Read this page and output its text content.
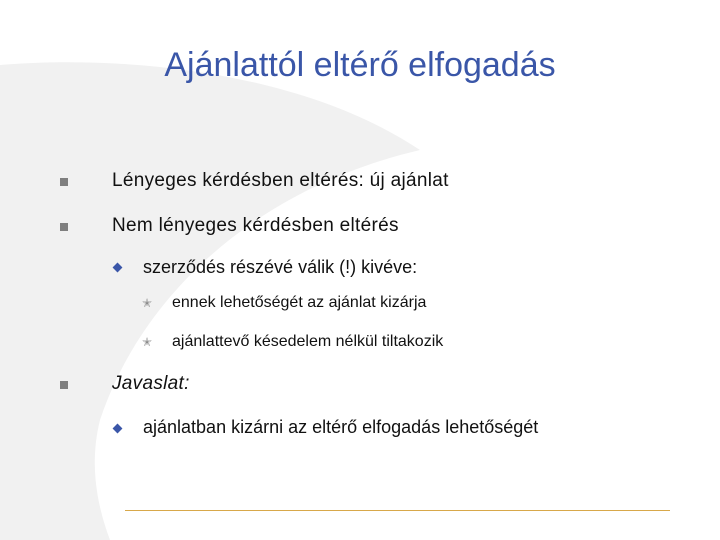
Ajánlattól eltérő elfogadás
Lényeges kérdésben eltérés: új ajánlat
Nem lényeges kérdésben eltérés
szerződés részévé válik (!) kivéve:
✭ ennek lehetőségét az ajánlat kizárja
✭ ajánlattevő késedelem nélkül tiltakozik
Javaslat:
ajánlatban kizárni az eltérő elfogadás lehetőségét
